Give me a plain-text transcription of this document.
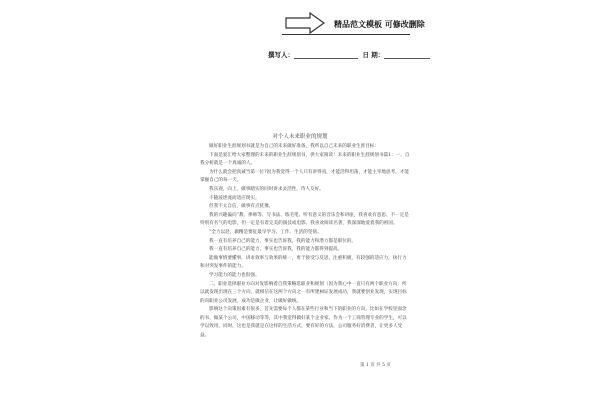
精品范文模板 可修改删除
撰写人：	日 期：
对个人未来职业的规划

做好职业生涯规划书就是为自己的未来做好准备，我所以自己未来的职业生涯目标：

下面是爱汇给大家整理的未来的职业生涯规划书，供大家阅读！未来的职业生涯规划书篇1：一、自我分析就是一个真诚的人。

为什么就会把真诚当第一位?因为我觉得一个人只有讲得真，才能活得坦荡，才能主宰地思考，才能掌握自己的每一天。

我乐观，向上，做事踏实的同时讲求灵活性，待人友好。

不随波逐流而适应现实。

但我不太自信，做事有点犹豫。

我的兴趣偏向“教、律师等、写书法、练毛笔、听有意义的音乐会和讲座，我喜欢有意思、不一定是特别有名气的电影，但一定是有着完美的演技或电影。我喜欢阅读名著，我深深地爱着我的祖国。

“全力以赴，做精是要征最早学习、工作、生活的坚韧。

我一直有培养自己的能力，事实也告诉我，我的能力和潜力都是职位的。

我一直有培养自己的能力，事实也告诉我，我的能力都得到提高。

能做事情要懂事，讲求效率与效果的统一，勇于接受与反思，注重积极，有较强的适应力，执行力和对突发事件的能力。

学习能力的能力也很强。

二、职业选择职业方向对发影响着自我策略选职业和规划（因为我心中一直只有两个职业方向：所以就发现出现在三个方向，就相信在这两个方向之一有所建树证发展成功，我就要创业发现，实现目标的向职业公司发展，成功是做企业，让做好做统。

影响这个决策因素有很多，首先需要每个人都在某些行业和当下的职业的方向，比如在学校里面念的书，做某个公司，中国移动等等，其中我觉得做好某个企业家，作为一个工商管理专业的学生，可以学以致用，同时，这也是我就是在这样的生活方式，要有好的方法，公司服务好消费者，让更多人受益。

第 1 页 共 5 页
